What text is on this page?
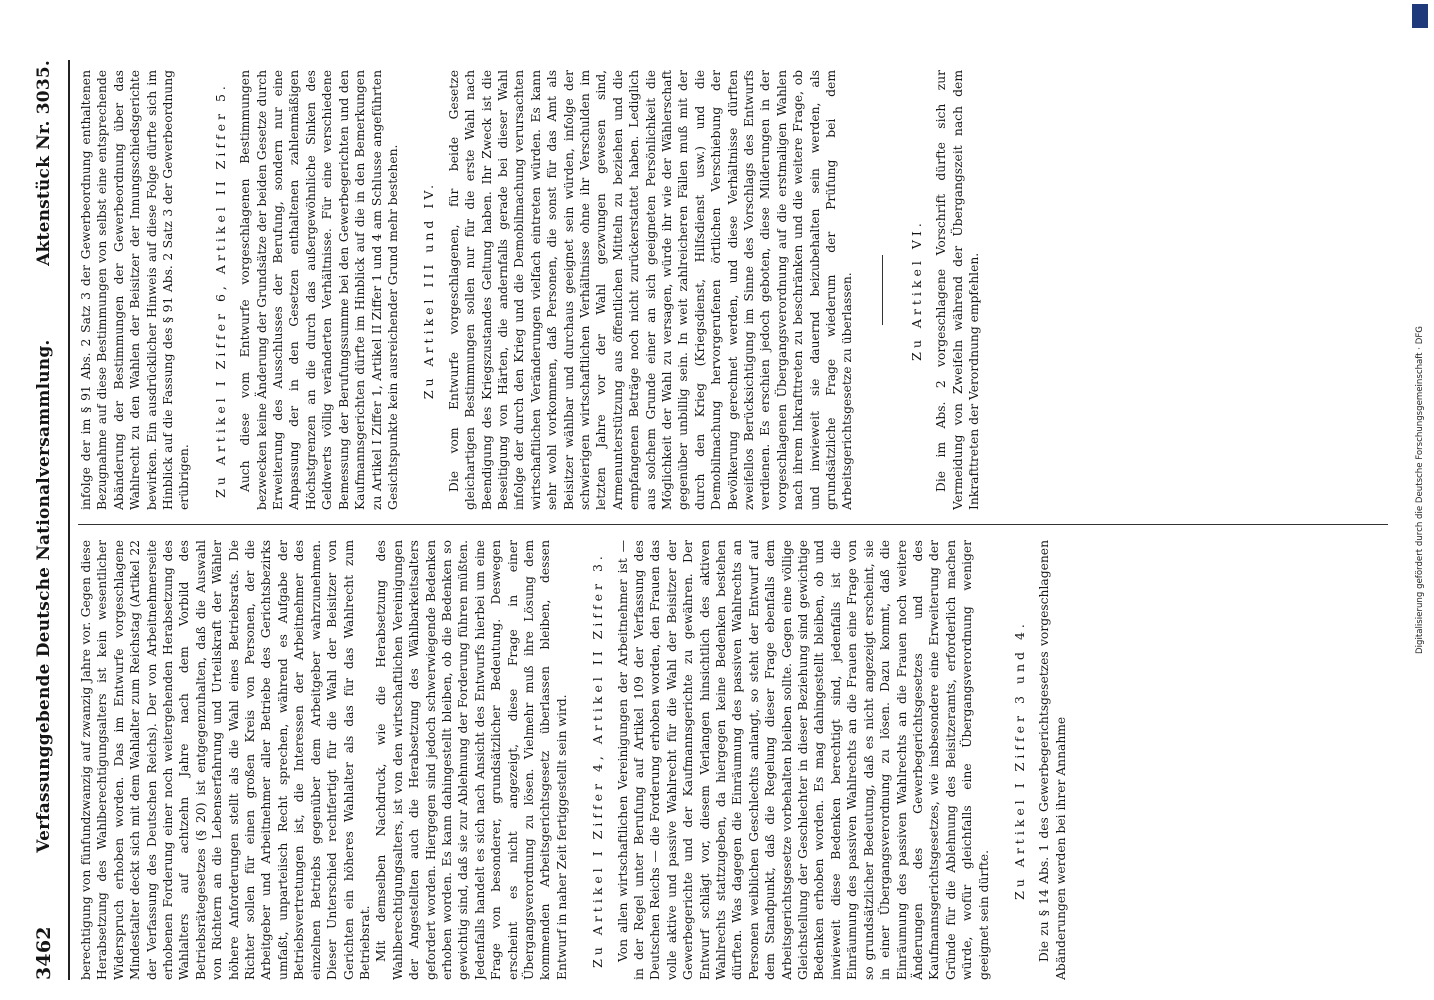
3462
Verfassunggebende Deutsche Nationalversammlung.
Aktenstück Nr. 3035.

berechtigung von fünfundzwanzig auf zwanzig Jahre vor. Gegen diese Herabsetzung des Wahlberechtigungsalters ist kein wesentlicher Widerspruch erhoben worden. Das im Entwurfe vorgeschlagene Mindestalter deckt sich mit dem Wahlalter zum Reichstag (Artikel 22 der Verfassung des Deutschen Reichs). Der von Arbeitnehmerseite erhobenen Forderung einer noch weitergehenden Herabsetzung des Wahlalters auf achtzehn Jahre nach dem Vorbild des Betriebsrätegesetzes (§ 20) ist entgegenzuhalten, daß die Auswahl von Richtern an die Lebenserfahrung und Urteilskraft der Wähler höhere Anforderungen stellt als die Wahl eines Betriebsrats. Die Richter sollen für einen großen Kreis von Personen, der die Arbeitgeber und Arbeitnehmer aller Betriebe des Gerichtsbezirks umfaßt, unparteiisch Recht sprechen, während es Aufgabe der Betriebsvertretungen ist, die Interessen der Arbeitnehmer des einzelnen Betriebs gegenüber dem Arbeitgeber wahrzunehmen. Dieser Unterschied rechtfertigt für die Wahl der Beisitzer von Gerichten ein höheres Wahlalter als das für das Wahlrecht zum Betriebsrat. Mit demselben Nachdruck, wie die Herabsetzung des Wahlberechtigungsalters, ist von den wirtschaftlichen Vereinigungen der Angestellten auch die Herabsetzung des Wählbarkeitsalters gefordert worden. Hiergegen sind jedoch schwerwiegende Bedenken erhoben worden. Es kann dahingestellt bleiben, ob die Bedenken so gewichtig sind, daß sie zur Ablehnung der Forderung führen müßten. Jedenfalls handelt es sich nach Ansicht des Entwurfs hierbei um eine Frage von besonderer, grundsätzlicher Bedeutung. Deswegen erscheint es nicht angezeigt, diese Frage in einer Übergangsverordnung zu lösen. Vielmehr muß ihre Lösung dem kommenden Arbeitsgerichtsgesetz überlassen bleiben, dessen Entwurf in naher Zeit fertiggestellt sein wird. Zu Artikel I Ziffer 4, Artikel II Ziffer 3. Von allen wirtschaftlichen Vereinigungen der Arbeitnehmer ist — in der Regel unter Berufung auf Artikel 109 der Verfassung des Deutschen Reichs — die Forderung erhoben worden, den Frauen das volle aktive und passive Wahlrecht für die Wahl der Beisitzer der Gewerbegerichte und der Kaufmannsgerichte zu gewähren. Der Entwurf schlägt vor, diesem Verlangen hinsichtlich des aktiven Wahlrechts stattzugeben, da hiergegen keine Bedenken bestehen dürften. Was dagegen die Einräumung des passiven Wahlrechts an Personen weiblichen Geschlechts anlangt, so steht der Entwurf auf dem Standpunkt, daß die Regelung dieser Frage ebenfalls dem Arbeitsgerichtsgesetze vorbehalten bleiben sollte. Gegen eine völlige Gleichstellung der Geschlechter in dieser Beziehung sind gewichtige Bedenken erhoben worden. Es mag dahingestellt bleiben, ob und inwieweit diese Bedenken berechtigt sind, jedenfalls ist die Einräumung des passiven Wahlrechts an die Frauen eine Frage von so grundsätzlicher Bedeutung, daß es nicht angezeigt erscheint, sie in einer Übergangsverordnung zu lösen. Dazu kommt, daß die Einräumung des passiven Wahlrechts an die Frauen noch weitere Änderungen des Gewerbegerichtsgesetzes und des Kaufmannsgerichtsgesetzes, wie insbesondere eine Erweiterung der Gründe für die Ablehnung des Beisitzeramts, erforderlich machen würde, wofür gleichfalls eine Übergangsverordnung weniger geeignet sein dürfte.

Zu Artikel I Ziffer 3 und 4. Die zu § 14 Abs. 1 des Gewerbegerichtsgesetzes vorgeschlagenen Abänderungen werden bei ihrer Annahme

infolge der im § 91 Abs. 2 Satz 3 der Gewerbeordnung enthaltenen Bezugnahme auf diese Bestimmungen von selbst eine entsprechende Abänderung der Bestimmungen der Gewerbeordnung über das Wahlrecht zu den Wahlen der Beisitzer der Innungsschiedsgerichte bewirken. Ein ausdrücklicher Hinweis auf diese Folge dürfte sich im Hinblick auf die Fassung des § 91 Abs. 2 Satz 3 der Gewerbeordnung erübrigen. Zu Artikel I Ziffer 6, Artikel II Ziffer 5. Auch diese vom Entwurfe vorgeschlagenen Bestimmungen bezwecken keine Änderung der Grundsätze der beiden Gesetze durch Erweiterung des Ausschlusses der Berufung, sondern nur eine Anpassung der in den Gesetzen enthaltenen zahlenmäßigen Höchstgrenzen an die durch das außergewöhnliche Sinken des Geldwerts völlig veränderten Verhältnisse. Für eine verschiedene Bemessung der Berufungssumme bei den Gewerbegerichten und den Kaufmannsgerichten dürfte im Hinblick auf die in den Bemerkungen zu Artikel I Ziffer 1, Artikel II Ziffer 1 und 4 am Schlusse angeführten Gesichtspunkte kein ausreichender Grund mehr bestehen. Zu Artikel III und IV. Die vom Entwurfe vorgeschlagenen, für beide Gesetze gleichartigen Bestimmungen sollen nur für die erste Wahl nach Beendigung des Kriegszustandes Geltung haben. Ihr Zweck ist die Beseitigung von Härten, die andernfalls gerade bei dieser Wahl infolge der durch den Krieg und die Demobilmachung verursachten wirtschaftlichen Veränderungen vielfach eintreten würden. Es kann sehr wohl vorkommen, daß Personen, die sonst für das Amt als Beisitzer wählbar und durchaus geeignet sein würden, infolge der schwierigen wirtschaftlichen Verhältnisse ohne ihr Verschulden im letzten Jahre vor der Wahl gezwungen gewesen sind, Armenunterstützung aus öffentlichen Mitteln zu beziehen und die empfangenen Beträge noch nicht zurückerstattet haben. Lediglich aus solchem Grunde einer an sich geeigneten Persönlichkeit die Möglichkeit der Wahl zu versagen, würde ihr wie der Wählerschaft gegenüber unbillig sein. In weit zahlreicheren Fällen muß mit der durch den Krieg (Kriegsdienst, Hilfsdienst usw.) und die Demobilmachung hervorgerufenen örtlichen Verschiebung der Bevölkerung gerechnet werden, und diese Verhältnisse dürften zweifellos Berücksichtigung im Sinne des Vorschlags des Entwurfs verdienen. Es erschien jedoch geboten, diese Milderungen in der vorgeschlagenen Übergangsverordnung auf die erstmaligen Wahlen nach ihrem Inkrafttreten zu beschränken und die weitere Frage, ob und inwieweit sie dauernd beizubehalten sein werden, als grundsätzliche Frage wiederum der Prüfung bei dem Arbeitsgerichtsgesetze zu überlassen.	Zu Artikel VI. Die im Abs. 2 vorgeschlagene Vorschrift dürfte sich zur Vermeidung von Zweifeln während der Übergangszeit nach dem Inkrafttreten der Verordnung empfehlen.	Digitalisierung gefördert durch die Deutsche Forschungsgemeinschaft · DFG
